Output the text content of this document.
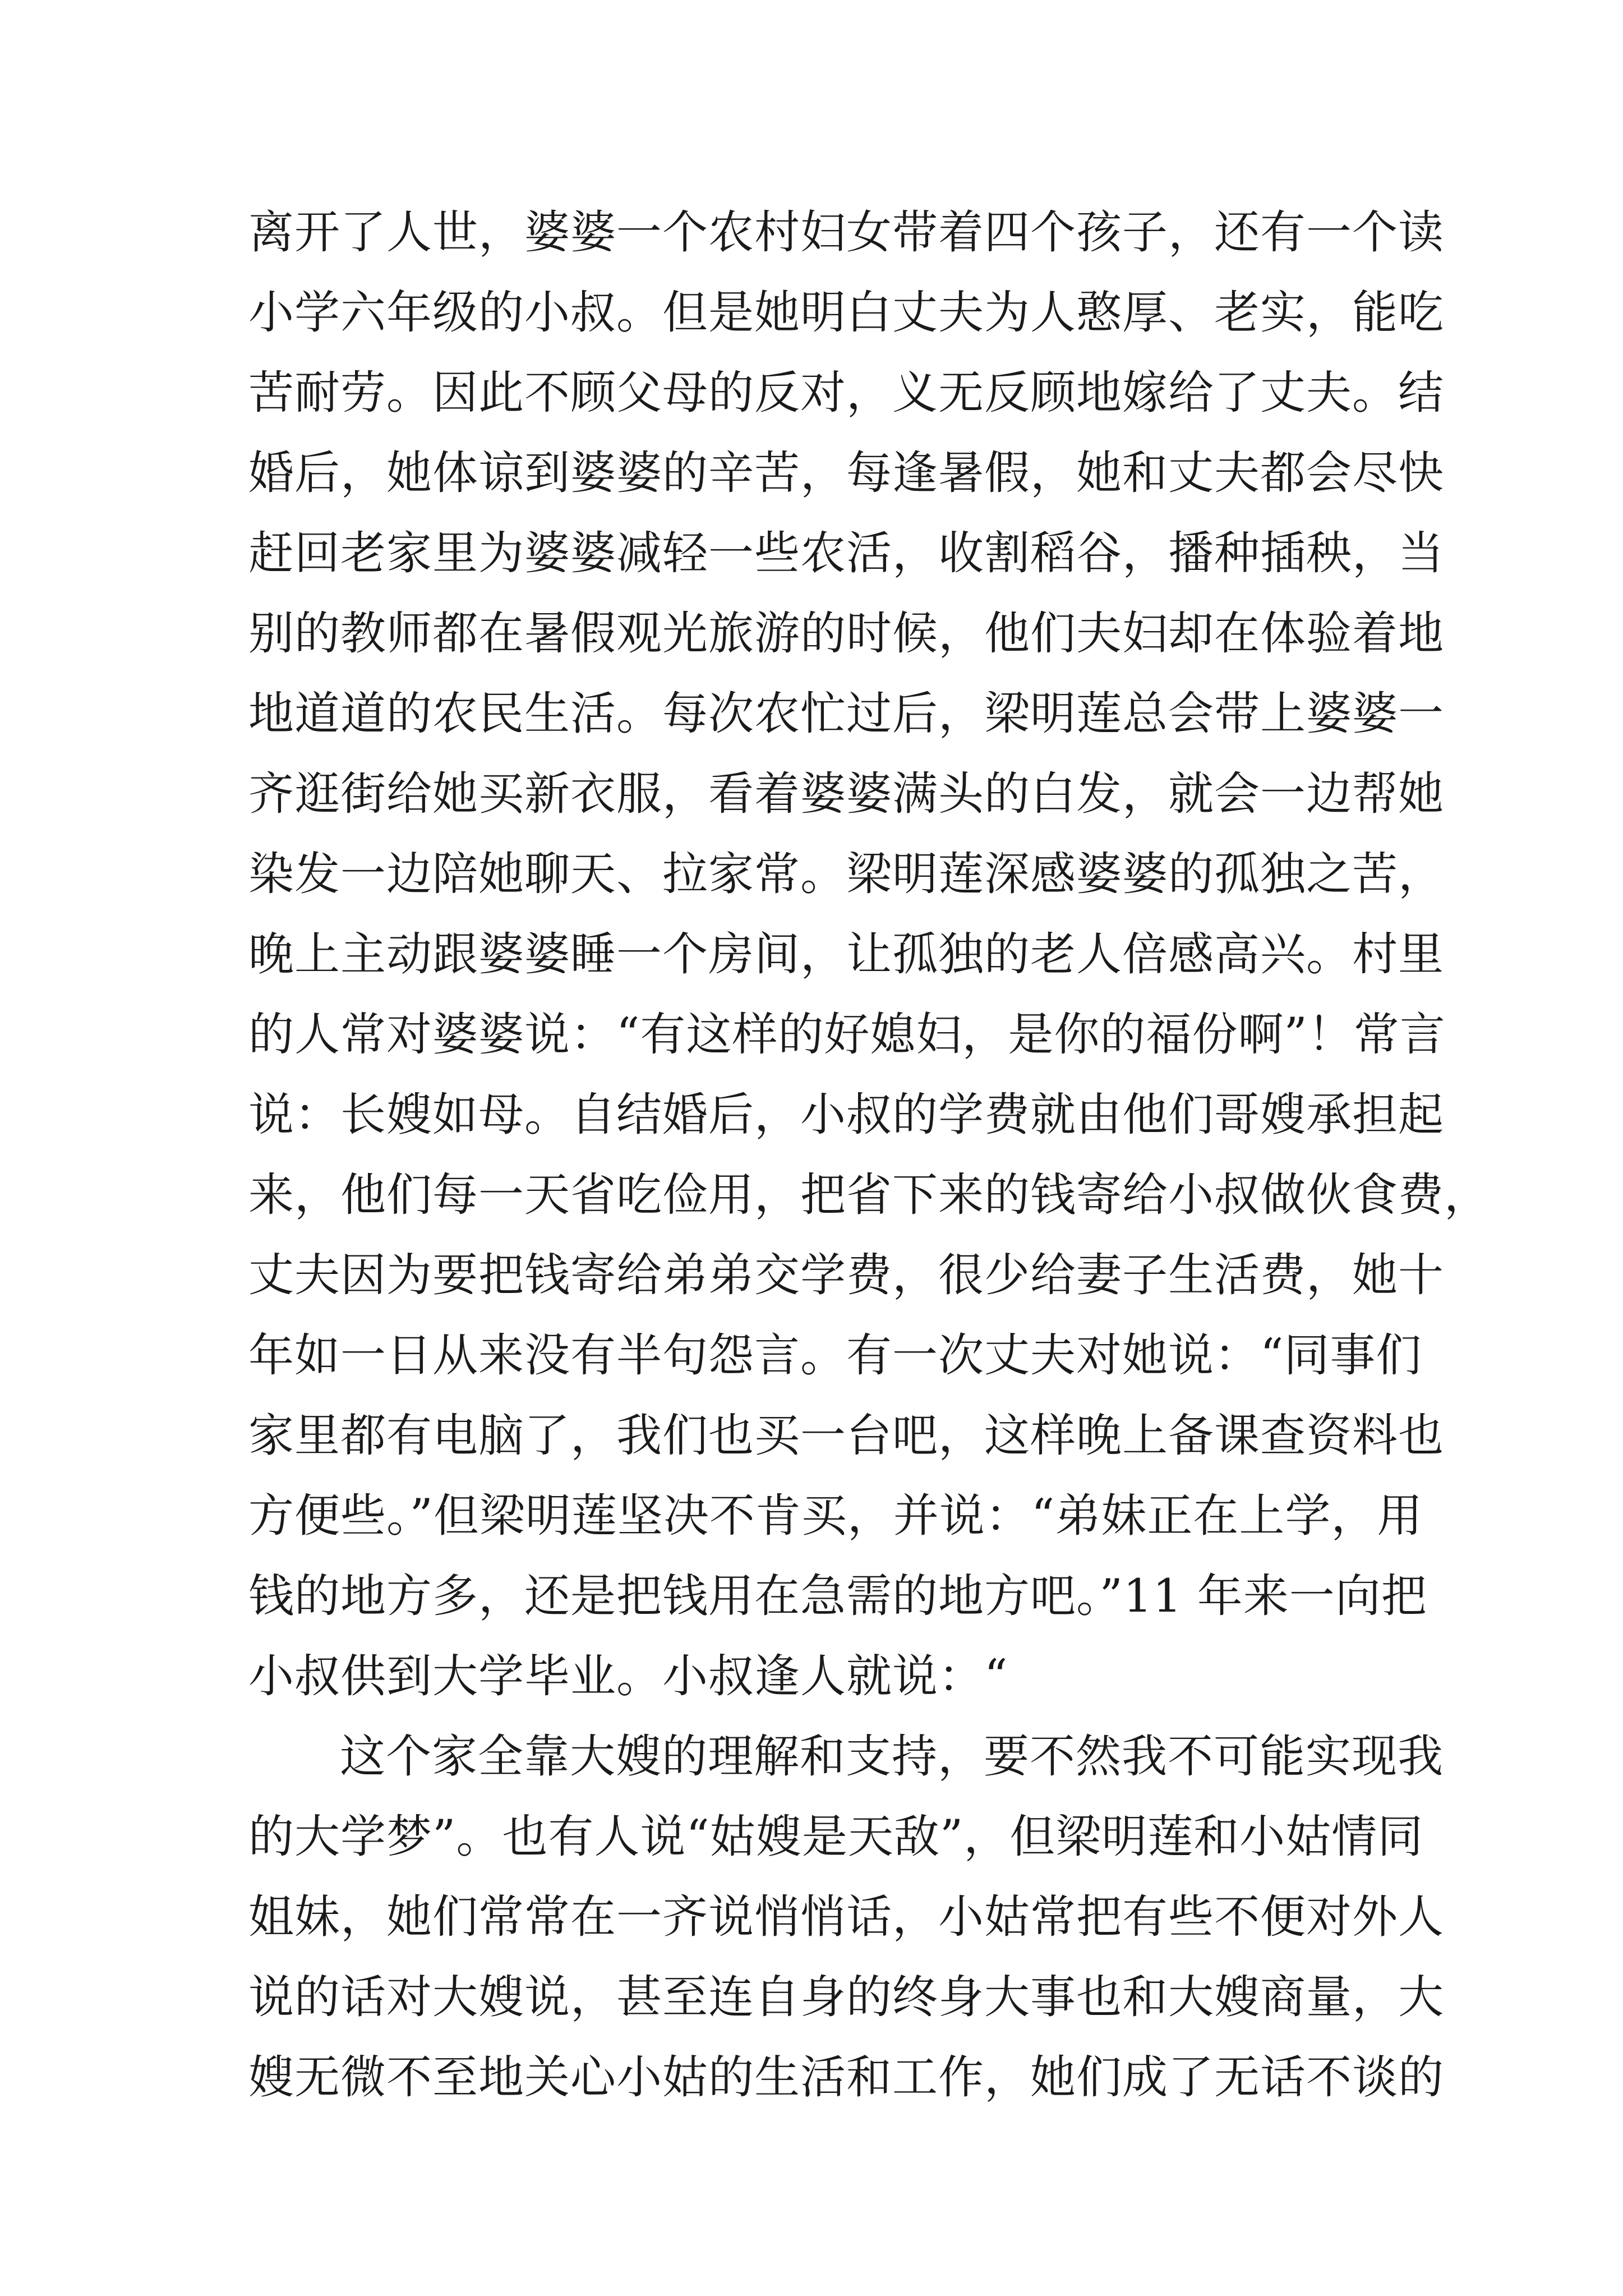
离开了人世，婆婆一个农村妇女带着四个孩子，还有一个读
小学六年级的小叔。但是她明白丈夫为人憨厚、老实，能吃
苦耐劳。因此不顾父母的反对，义无反顾地嫁给了丈夫。结
婚后，她体谅到婆婆的辛苦，每逢暑假，她和丈夫都会尽快
赶回老家里为婆婆减轻一些农活，收割稻谷，播种插秧，当
别的教师都在暑假观光旅游的时候，他们夫妇却在体验着地
地道道的农民生活。每次农忙过后，梁明莲总会带上婆婆一
齐逛街给她买新衣服，看着婆婆满头的白发，就会一边帮她
染发一边陪她聊天、拉家常。梁明莲深感婆婆的孤独之苦，
晚上主动跟婆婆睡一个房间，让孤独的老人倍感高兴。村里
的人常对婆婆说：“有这样的好媳妇，是你的福份啊”！常言
说：长嫂如母。自结婚后，小叔的学费就由他们哥嫂承担起
来，他们每一天省吃俭用，把省下来的钱寄给小叔做伙食费，
丈夫因为要把钱寄给弟弟交学费，很少给妻子生活费，她十
年如一日从来没有半句怨言。有一次丈夫对她说：“同事们
家里都有电脑了，我们也买一台吧，这样晚上备课查资料也
方便些。”但梁明莲坚决不肯买，并说：“弟妹正在上学，用
钱的地方多，还是把钱用在急需的地方吧。”11 年来一向把
小叔供到大学毕业。小叔逢人就说：“
这个家全靠大嫂的理解和支持，要不然我不可能实现我
的大学梦”。也有人说“姑嫂是天敌”，但梁明莲和小姑情同
姐妹，她们常常在一齐说悄悄话，小姑常把有些不便对外人
说的话对大嫂说，甚至连自身的终身大事也和大嫂商量，大
嫂无微不至地关心小姑的生活和工作，她们成了无话不谈的
